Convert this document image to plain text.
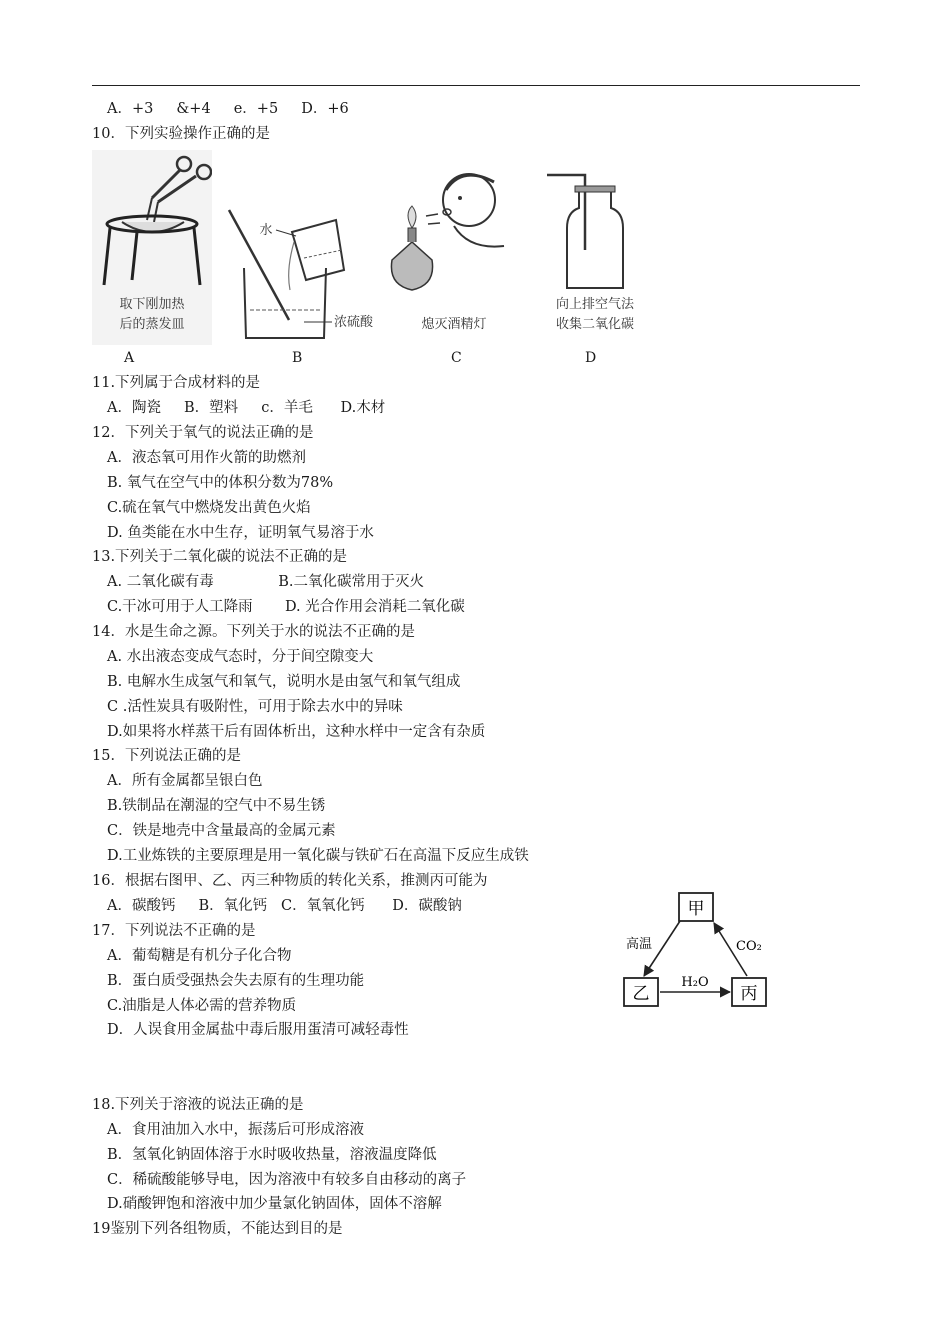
A．+3     &+4     e．+5     D．+6
10．下列实验操作正确的是
取下刚加热
后的蒸发皿
水
浓硫酸	熄灭酒精灯
向上排空气法
收集二氧化碳
A	B	C	D
11.下列属于合成材料的是
A．陶瓷     B．塑料     c．羊毛      D.木材
12．下列关于氧气的说法正确的是
A．液态氧可用作火箭的助燃剂
B. 氧气在空气中的体积分数为78%
C.硫在氧气中燃烧发出黄色火焰
D. 鱼类能在水中生存，证明氧气易溶于水
13.下列关于二氧化碳的说法不正确的是
A. 二氧化碳有毒              B.二氧化碳常用于灭火
C.干冰可用于人工降雨       D. 光合作用会消耗二氧化碳
14．水是生命之源。下列关于水的说法不正确的是
A. 水出液态变成气态时，分于间空隙变大
B. 电解水生成氢气和氧气，说明水是由氢气和氧气组成
C .活性炭具有吸附性，可用于除去水中的异味
D.如果将水样蒸干后有固体析出，这种水样中一定含有杂质
15．下列说法正确的是
A．所有金属都呈银白色
B.铁制品在潮湿的空气中不易生锈
C．铁是地壳中含量最高的金属元素
D.工业炼铁的主要原理是用一氧化碳与铁矿石在高温下反应生成铁
16．根据右图甲、乙、丙三种物质的转化关系，推测丙可能为
A．碳酸钙     B．氧化钙   C．氧氧化钙      D．碳酸钠	甲
乙	丙
高温
H₂O
CO₂
17．下列说法不正确的是
A．葡萄糖是有机分子化合物
B．蛋白质受强热会失去原有的生理功能
C.油脂是人体必需的营养物质
D．人误食用金属盐中毒后服用蛋清可减轻毒性
18.下列关于溶液的说法正确的是
A．食用油加入水中，振荡后可形成溶液
B．氢氧化钠固体溶于水时吸收热量，溶液温度降低
C．稀硫酸能够导电，因为溶液中有较多自由移动的离子
D.硝酸钾饱和溶液中加少量氯化钠固体，固体不溶解
19鉴别下列各组物质，不能达到目的是
